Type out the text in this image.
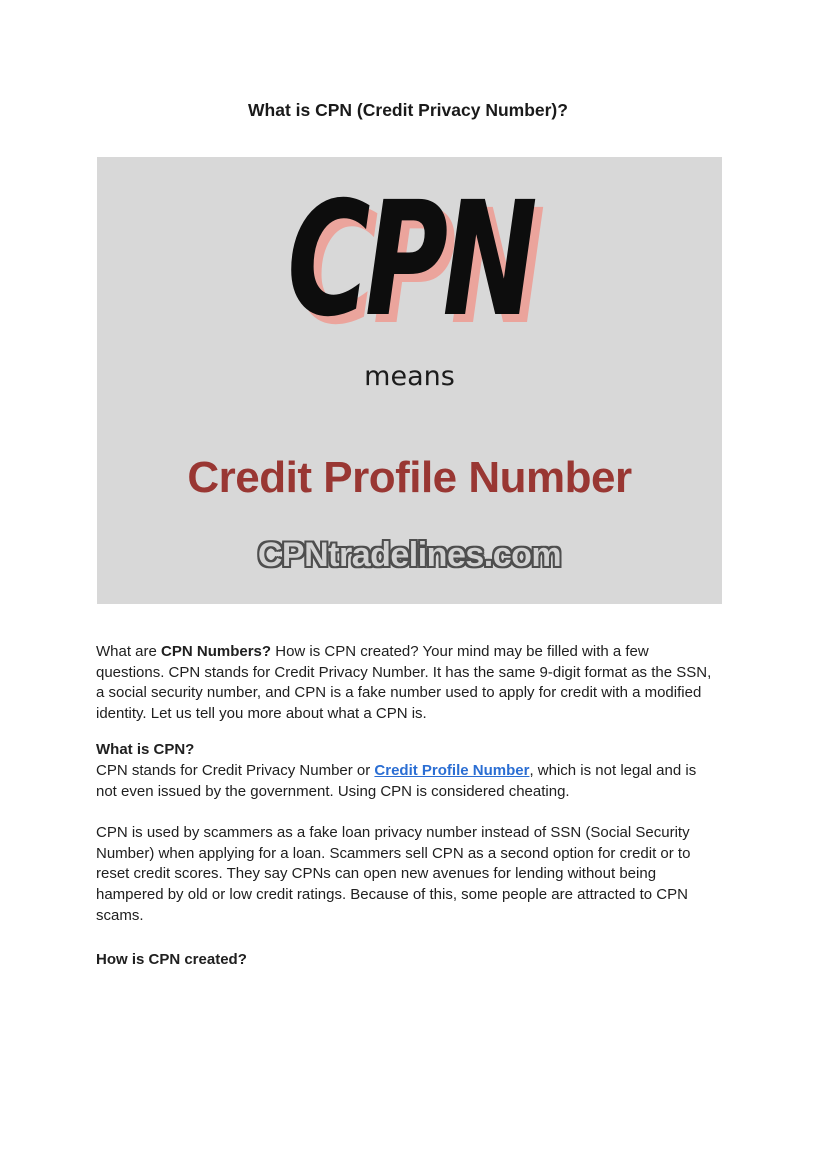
What is CPN (Credit Privacy Number)?
CPN
means
Credit Profile Number
CPNtradelines.com

What are CPN Numbers? How is CPN created? Your mind may be filled with a few questions. CPN stands for Credit Privacy Number. It has the same 9-digit format as the SSN, a social security number, and CPN is a fake number used to apply for credit with a modified identity. Let us tell you more about what a CPN is.

What is CPN?

CPN stands for Credit Privacy Number or Credit Profile Number, which is not legal and is not even issued by the government. Using CPN is considered cheating.

CPN is used by scammers as a fake loan privacy number instead of SSN (Social Security Number) when applying for a loan. Scammers sell CPN as a second option for credit or to reset credit scores. They say CPNs can open new avenues for lending without being hampered by old or low credit ratings. Because of this, some people are attracted to CPN scams.

How is CPN created?
